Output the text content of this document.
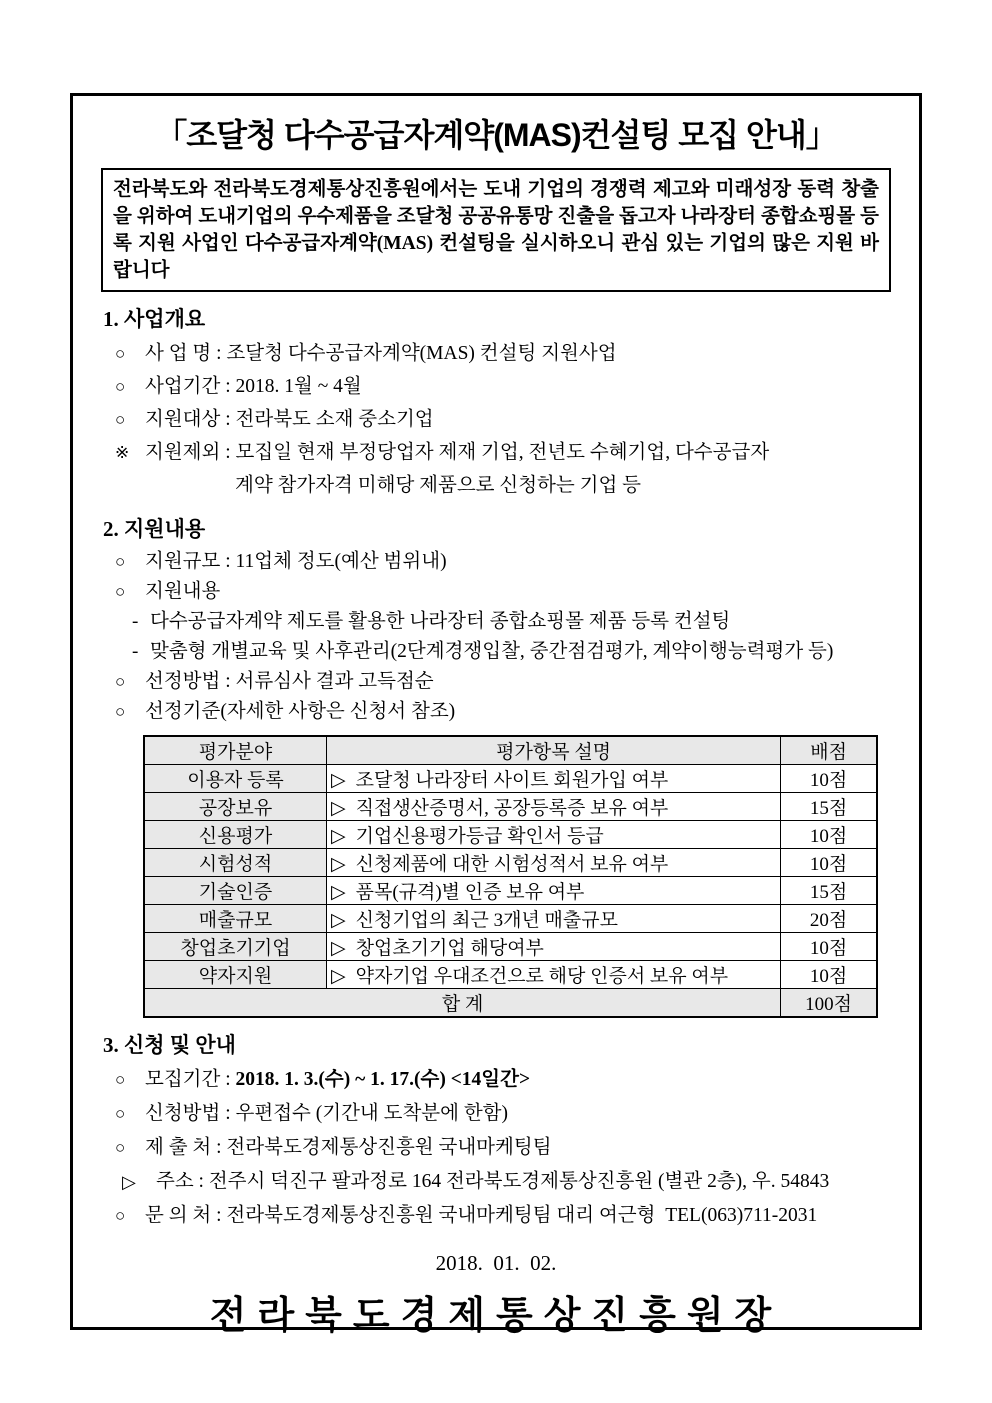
「조달청 다수공급자계약(MAS)컨설팅 모집 안내」
전라북도와 전라북도경제통상진흥원에서는 도내 기업의 경쟁력 제고와 미래성장 동력 창출을 위하여 도내기업의 우수제품을 조달청 공공유통망 진출을 돕고자 나라장터 종합쇼핑몰 등록 지원 사업인 다수공급자계약(MAS) 컨설팅을 실시하오니 관심 있는 기업의 많은 지원 바랍니다
1. 사업개요
○	사 업 명 : 조달청 다수공급자계약(MAS) 컨설팅 지원사업
○	사업기간 : 2018. 1월 ~ 4월
○	지원대상 : 전라북도 소재 중소기업
※ 지원제외 : 모집일 현재 부정당업자 제재 기업, 전년도 수혜기업, 다수공급자
계약 참가자격 미해당 제품으로 신청하는 기업 등
2. 지원내용
○	지원규모 : 11업체 정도(예산 범위내)
○	지원내용
- 다수공급자계약 제도를 활용한 나라장터 종합쇼핑몰 제품 등록 컨설팅
- 맞춤형 개별교육 및 사후관리(2단계경쟁입찰, 중간점검평가, 계약이행능력평가 등)
○	선정방법 : 서류심사 결과 고득점순
○	선정기준(자세한 사항은 신청서 참조)
평가분야	평가항목 설명	배점
이용자 등록	▷ 조달청 나라장터 사이트 회원가입 여부	10점
공장보유	▷ 직접생산증명서, 공장등록증 보유 여부	15점
신용평가	▷ 기업신용평가등급 확인서 등급	10점
시험성적	▷ 신청제품에 대한 시험성적서 보유 여부	10점
기술인증	▷ 품목(규격)별 인증 보유 여부	15점
매출규모	▷ 신청기업의 최근 3개년 매출규모	20점
창업초기기업	▷ 창업초기기업 해당여부	10점
약자지원	▷ 약자기업 우대조건으로 해당 인증서 보유 여부	10점
합 계		100점
3. 신청 및 안내
○	모집기간 : 2018. 1. 3.(수) ~ 1. 17.(수) <14일간>
○	신청방법 : 우편접수 (기간내 도착분에 한함)
○	제 출 처 : 전라북도경제통상진흥원 국내마케팅팀
▷	주소 : 전주시 덕진구 팔과정로 164 전라북도경제통상진흥원 (별관 2층), 우. 54843
○	문 의 처 : 전라북도경제통상진흥원 국내마케팅팀 대리 여근형  TEL(063)711-2031
2018.  01.  02.
전라북도경제통상진흥원장
